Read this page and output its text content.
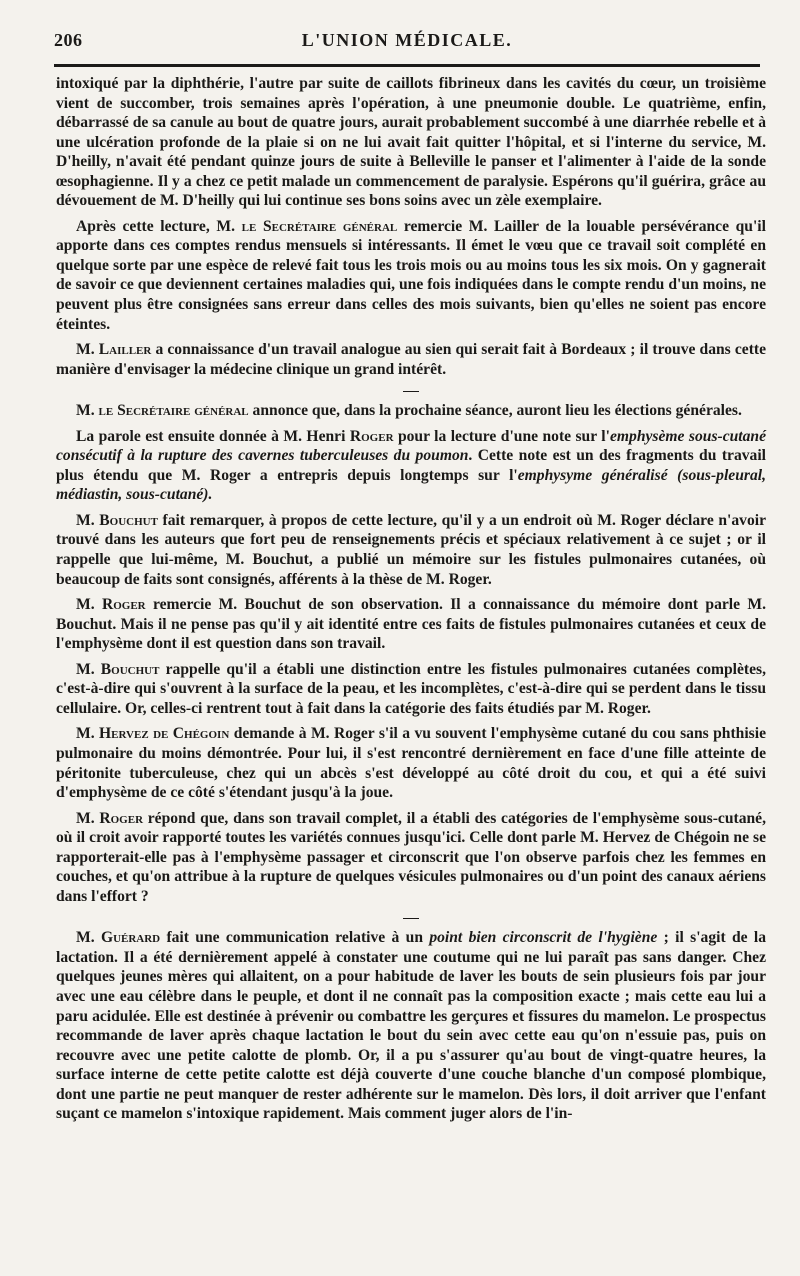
206	L'UNION MÉDICALE.

intoxiqué par la diphthérie, l'autre par suite de caillots fibrineux dans les cavités du cœur, un troisième vient de succomber, trois semaines après l'opération, à une pneumonie double. Le quatrième, enfin, débarrassé de sa canule au bout de quatre jours, aurait probablement succombé à une diarrhée rebelle et à une ulcération profonde de la plaie si on ne lui avait fait quitter l'hôpital, et si l'interne du service, M. D'heilly, n'avait été pendant quinze jours de suite à Belleville le panser et l'alimenter à l'aide de la sonde œsophagienne. Il y a chez ce petit malade un commencement de paralysie. Espérons qu'il guérira, grâce au dévouement de M. D'heilly qui lui continue ses bons soins avec un zèle exemplaire.

Après cette lecture, M. le Secrétaire général remercie M. Lailler de la louable persévérance qu'il apporte dans ces comptes rendus mensuels si intéressants. Il émet le vœu que ce travail soit complété en quelque sorte par une espèce de relevé fait tous les trois mois ou au moins tous les six mois. On y gagnerait de savoir ce que deviennent certaines maladies qui, une fois indiquées dans le compte rendu d'un moins, ne peuvent plus être consignées sans erreur dans celles des mois suivants, bien qu'elles ne soient pas encore éteintes.

M. Lailler a connaissance d'un travail analogue au sien qui serait fait à Bordeaux ; il trouve dans cette manière d'envisager la médecine clinique un grand intérêt.

M. le Secrétaire général annonce que, dans la prochaine séance, auront lieu les élections générales.

La parole est ensuite donnée à M. Henri Roger pour la lecture d'une note sur l'emphysème sous-cutané consécutif à la rupture des cavernes tuberculeuses du poumon. Cette note est un des fragments du travail plus étendu que M. Roger a entrepris depuis longtemps sur l'emphysyme généralisé (sous-pleural, médiastin, sous-cutané).

M. Bouchut fait remarquer, à propos de cette lecture, qu'il y a un endroit où M. Roger déclare n'avoir trouvé dans les auteurs que fort peu de renseignements précis et spéciaux relativement à ce sujet ; or il rappelle que lui-même, M. Bouchut, a publié un mémoire sur les fistules pulmonaires cutanées, où beaucoup de faits sont consignés, afférents à la thèse de M. Roger.

M. Roger remercie M. Bouchut de son observation. Il a connaissance du mémoire dont parle M. Bouchut. Mais il ne pense pas qu'il y ait identité entre ces faits de fistules pulmonaires cutanées et ceux de l'emphysème dont il est question dans son travail.

M. Bouchut rappelle qu'il a établi une distinction entre les fistules pulmonaires cutanées complètes, c'est-à-dire qui s'ouvrent à la surface de la peau, et les incomplètes, c'est-à-dire qui se perdent dans le tissu cellulaire. Or, celles-ci rentrent tout à fait dans la catégorie des faits étudiés par M. Roger.

M. Hervez de Chégoin demande à M. Roger s'il a vu souvent l'emphysème cutané du cou sans phthisie pulmonaire du moins démontrée. Pour lui, il s'est rencontré dernièrement en face d'une fille atteinte de péritonite tuberculeuse, chez qui un abcès s'est développé au côté droit du cou, et qui a été suivi d'emphysème de ce côté s'étendant jusqu'à la joue.

M. Roger répond que, dans son travail complet, il a établi des catégories de l'emphysème sous-cutané, où il croit avoir rapporté toutes les variétés connues jusqu'ici. Celle dont parle M. Hervez de Chégoin ne se rapporterait-elle pas à l'emphysème passager et circonscrit que l'on observe parfois chez les femmes en couches, et qu'on attribue à la rupture de quelques vésicules pulmonaires ou d'un point des canaux aériens dans l'effort ?

M. Guérard fait une communication relative à un point bien circonscrit de l'hygiène ; il s'agit de la lactation. Il a été dernièrement appelé à constater une coutume qui ne lui paraît pas sans danger. Chez quelques jeunes mères qui allaitent, on a pour habitude de laver les bouts de sein plusieurs fois par jour avec une eau célèbre dans le peuple, et dont il ne connaît pas la composition exacte ; mais cette eau lui a paru acidulée. Elle est destinée à prévenir ou combattre les gerçures et fissures du mamelon. Le prospectus recommande de laver après chaque lactation le bout du sein avec cette eau qu'on n'essuie pas, puis on recouvre avec une petite calotte de plomb. Or, il a pu s'assurer qu'au bout de vingt-quatre heures, la surface interne de cette petite calotte est déjà couverte d'une couche blanche d'un composé plombique, dont une partie ne peut manquer de rester adhérente sur le mamelon. Dès lors, il doit arriver que l'enfant suçant ce mamelon s'intoxique rapidement. Mais comment juger alors de l'in-
